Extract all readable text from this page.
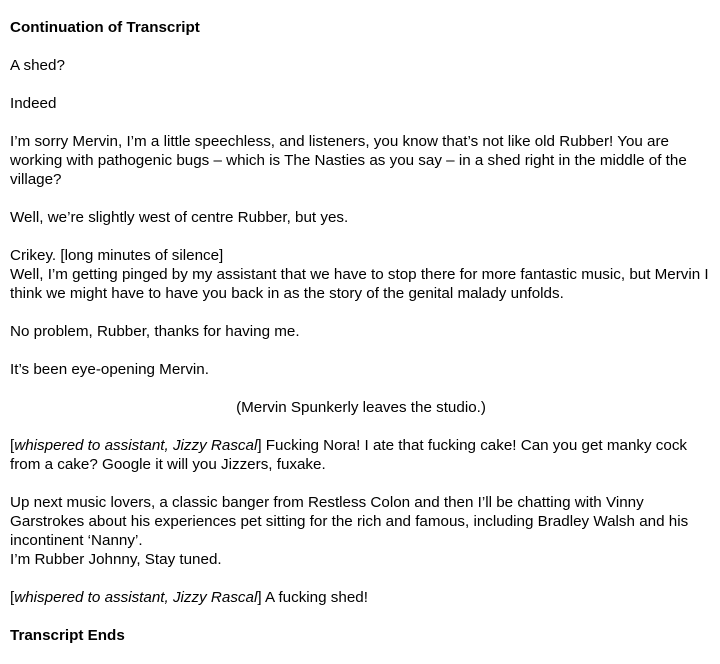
Continuation of Transcript

A shed?

Indeed

I’m sorry Mervin, I’m a little speechless, and listeners, you know that’s not like old Rubber! You are working with pathogenic bugs – which is The Nasties as you say – in a shed right in the middle of the village?

Well, we’re slightly west of centre Rubber, but yes.

Crikey. [long minutes of silence]

Well, I’m getting pinged by my assistant that we have to stop there for more fantastic music, but Mervin I think we might have to have you back in as the story of the genital malady unfolds.

No problem, Rubber, thanks for having me.

It’s been eye-opening Mervin.

(Mervin Spunkerly leaves the studio.)

[whispered to assistant, Jizzy Rascal] Fucking Nora! I ate that fucking cake! Can you get manky cock from a cake? Google it will you Jizzers, fuxake.

Up next music lovers, a classic banger from Restless Colon and then I’ll be chatting with Vinny Garstrokes about his experiences pet sitting for the rich and famous, including Bradley Walsh and his incontinent ‘Nanny’.

I’m Rubber Johnny, Stay tuned.

[whispered to assistant, Jizzy Rascal] A fucking shed!

Transcript Ends
